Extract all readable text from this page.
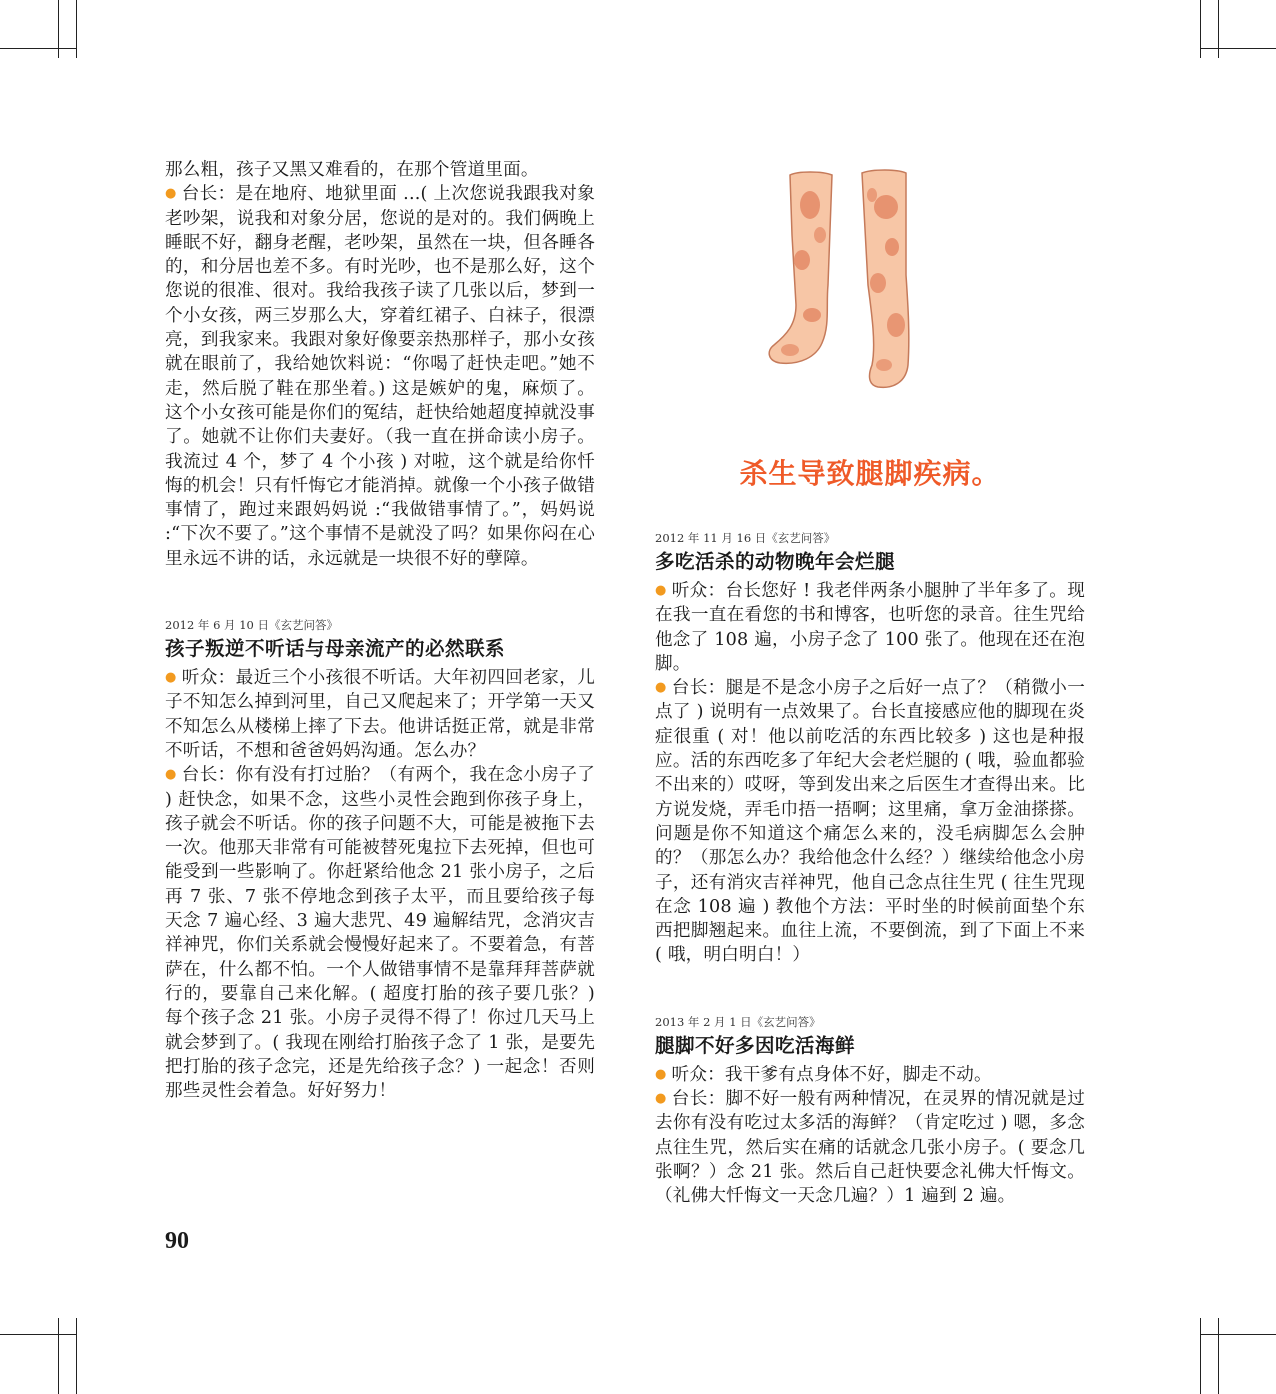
那么粗，孩子又黑又难看的，在那个管道里面。

● 台长：是在地府、地狱里面 ...( 上次您说我跟我对象老吵架，说我和对象分居，您说的是对的。我们俩晚上睡眠不好，翻身老醒，老吵架，虽然在一块，但各睡各的，和分居也差不多。有时光吵，也不是那么好，这个您说的很准、很对。我给我孩子读了几张以后，梦到一个小女孩，两三岁那么大，穿着红裙子、白袜子，很漂亮，到我家来。我跟对象好像要亲热那样子，那小女孩就在眼前了，我给她饮料说：“你喝了赶快走吧。”她不走，然后脱了鞋在那坐着。) 这是嫉妒的鬼，麻烦了。这个小女孩可能是你们的冤结，赶快给她超度掉就没事了。她就不让你们夫妻好。（我一直在拼命读小房子。我流过 4 个，梦了 4 个小孩 ) 对啦，这个就是给你忏悔的机会！只有忏悔它才能消掉。就像一个小孩子做错事情了，跑过来跟妈妈说 :“我做错事情了。”，妈妈说 :“下次不要了。”这个事情不是就没了吗？如果你闷在心里永远不讲的话，永远就是一块很不好的孽障。

2012 年 6 月 10 日《玄艺问答》
孩子叛逆不听话与母亲流产的必然联系

● 听众：最近三个小孩很不听话。大年初四回老家，儿子不知怎么掉到河里，自己又爬起来了；开学第一天又不知怎么从楼梯上摔了下去。他讲话挺正常，就是非常不听话，不想和爸爸妈妈沟通。怎么办？

● 台长：你有没有打过胎？（有两个，我在念小房子了 ) 赶快念，如果不念，这些小灵性会跑到你孩子身上，孩子就会不听话。你的孩子问题不大，可能是被拖下去一次。他那天非常有可能被替死鬼拉下去死掉，但也可能受到一些影响了。你赶紧给他念 21 张小房子，之后再 7 张、7 张不停地念到孩子太平，而且要给孩子每天念 7 遍心经、3 遍大悲咒、49 遍解结咒，念消灾吉祥神咒，你们关系就会慢慢好起来了。不要着急，有菩萨在，什么都不怕。一个人做错事情不是靠拜拜菩萨就行的，要靠自己来化解。( 超度打胎的孩子要几张？) 每个孩子念 21 张。小房子灵得不得了！你过几天马上就会梦到了。( 我现在刚给打胎孩子念了 1 张，是要先把打胎的孩子念完，还是先给孩子念？) 一起念！否则那些灵性会着急。好好努力！

杀生导致腿脚疾病。
2012 年 11 月 16 日《玄艺问答》
多吃活杀的动物晚年会烂腿

● 听众：台长您好 ! 我老伴两条小腿肿了半年多了。现在我一直在看您的书和博客，也听您的录音。往生咒给他念了 108 遍，小房子念了 100 张了。他现在还在泡脚。

● 台长：腿是不是念小房子之后好一点了？（稍微小一点了 ) 说明有一点效果了。台长直接感应他的脚现在炎症很重 ( 对！他以前吃活的东西比较多 ) 这也是种报应。活的东西吃多了年纪大会老烂腿的 ( 哦，验血都验不出来的）哎呀，等到发出来之后医生才查得出来。比方说发烧，弄毛巾捂一捂啊；这里痛，拿万金油搽搽。问题是你不知道这个痛怎么来的，没毛病脚怎么会肿的？（那怎么办？我给他念什么经？）继续给他念小房子，还有消灾吉祥神咒，他自己念点往生咒 ( 往生咒现在念 108 遍 ) 教他个方法：平时坐的时候前面垫个东西把脚翘起来。血往上流，不要倒流，到了下面上不来 ( 哦，明白明白！）

2013 年 2 月 1 日《玄艺问答》
腿脚不好多因吃活海鲜

● 听众：我干爹有点身体不好，脚走不动。

● 台长：脚不好一般有两种情况，在灵界的情况就是过去你有没有吃过太多活的海鲜？（肯定吃过 ) 嗯，多念点往生咒，然后实在痛的话就念几张小房子。( 要念几张啊？）念 21 张。然后自己赶快要念礼佛大忏悔文。（礼佛大忏悔文一天念几遍？）1 遍到 2 遍。

90
